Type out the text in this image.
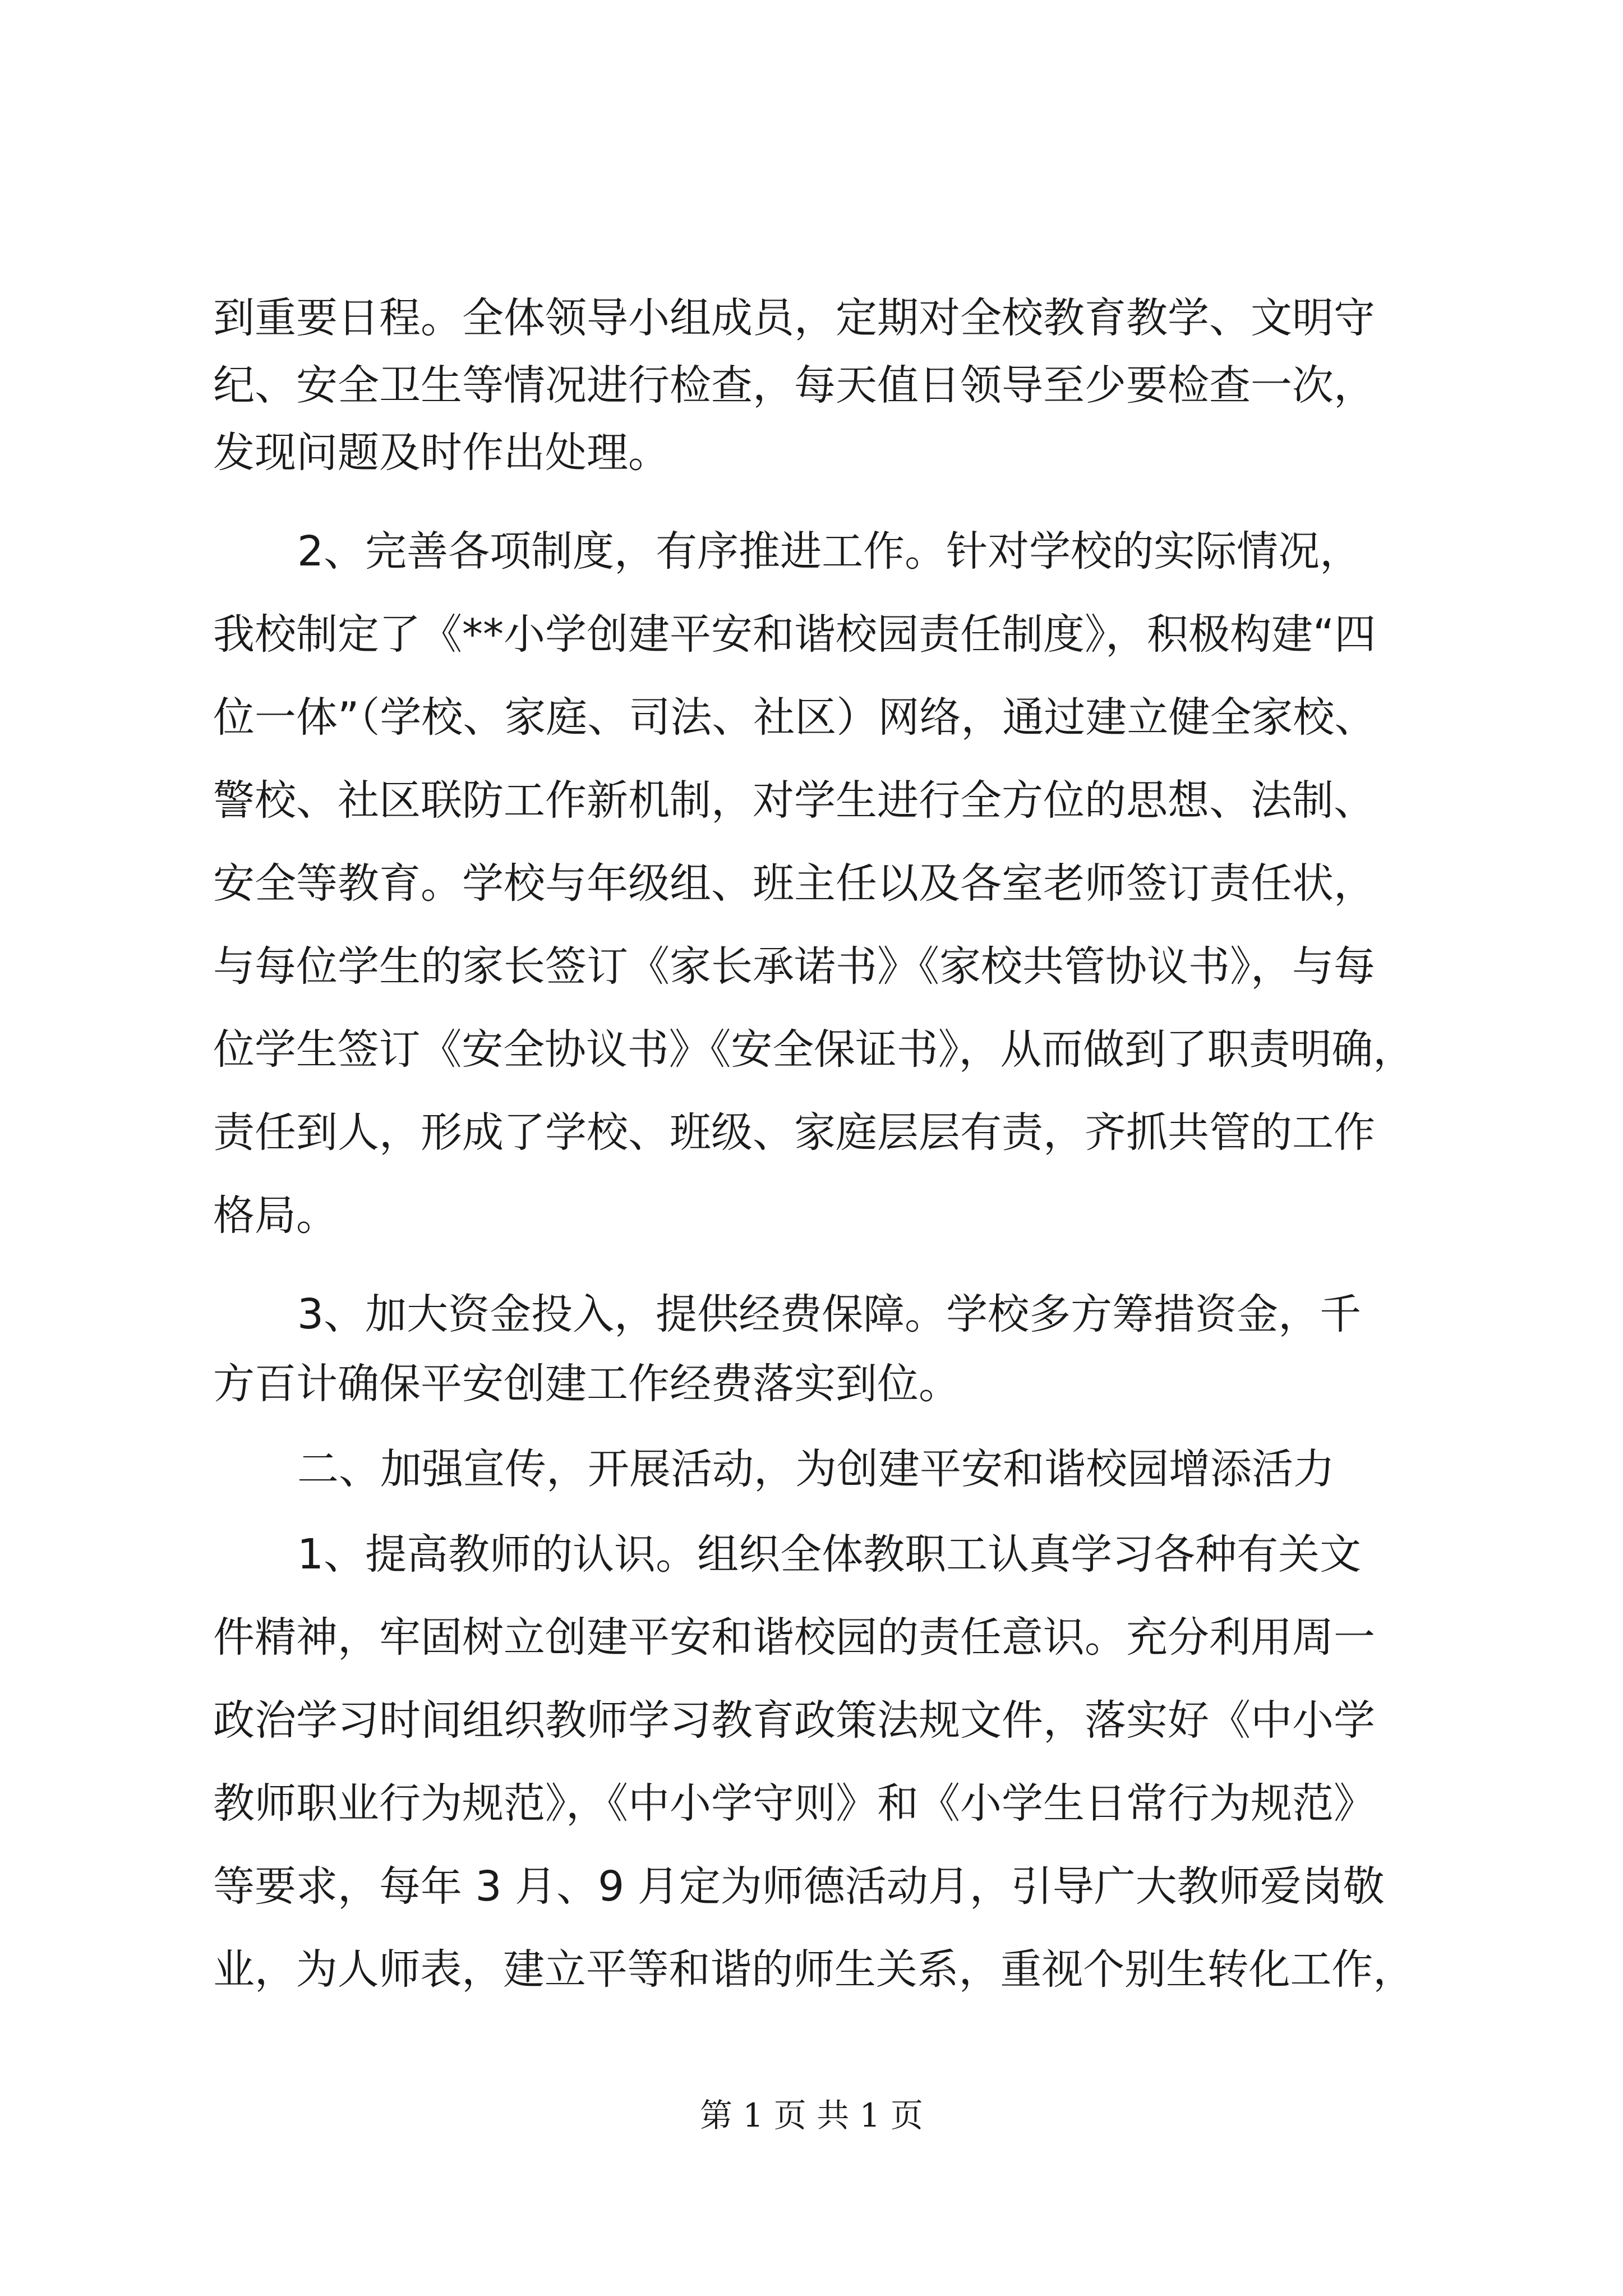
到重要日程。全体领导小组成员，定期对全校教育教学、文明守
纪、安全卫生等情况进行检查，每天值日领导至少要检查一次，
发现问题及时作出处理。
2、完善各项制度，有序推进工作。针对学校的实际情况，
我校制定了《**小学创建平安和谐校园责任制度》，积极构建“四
位一体”（学校、家庭、司法、社区）网络，通过建立健全家校、
警校、社区联防工作新机制，对学生进行全方位的思想、法制、
安全等教育。学校与年级组、班主任以及各室老师签订责任状，
与每位学生的家长签订《家长承诺书》《家校共管协议书》，与每
位学生签订《安全协议书》《安全保证书》，从而做到了职责明确，
责任到人，形成了学校、班级、家庭层层有责，齐抓共管的工作
格局。
3、加大资金投入，提供经费保障。学校多方筹措资金，千
方百计确保平安创建工作经费落实到位。
二、加强宣传，开展活动，为创建平安和谐校园增添活力
1、提高教师的认识。组织全体教职工认真学习各种有关文
件精神，牢固树立创建平安和谐校园的责任意识。充分利用周一
政治学习时间组织教师学习教育政策法规文件，落实好《中小学
教师职业行为规范》，《中小学守则》和《小学生日常行为规范》
等要求，每年 3 月、9 月定为师德活动月，引导广大教师爱岗敬
业，为人师表，建立平等和谐的师生关系，重视个别生转化工作，
第 1 页 共 1 页
